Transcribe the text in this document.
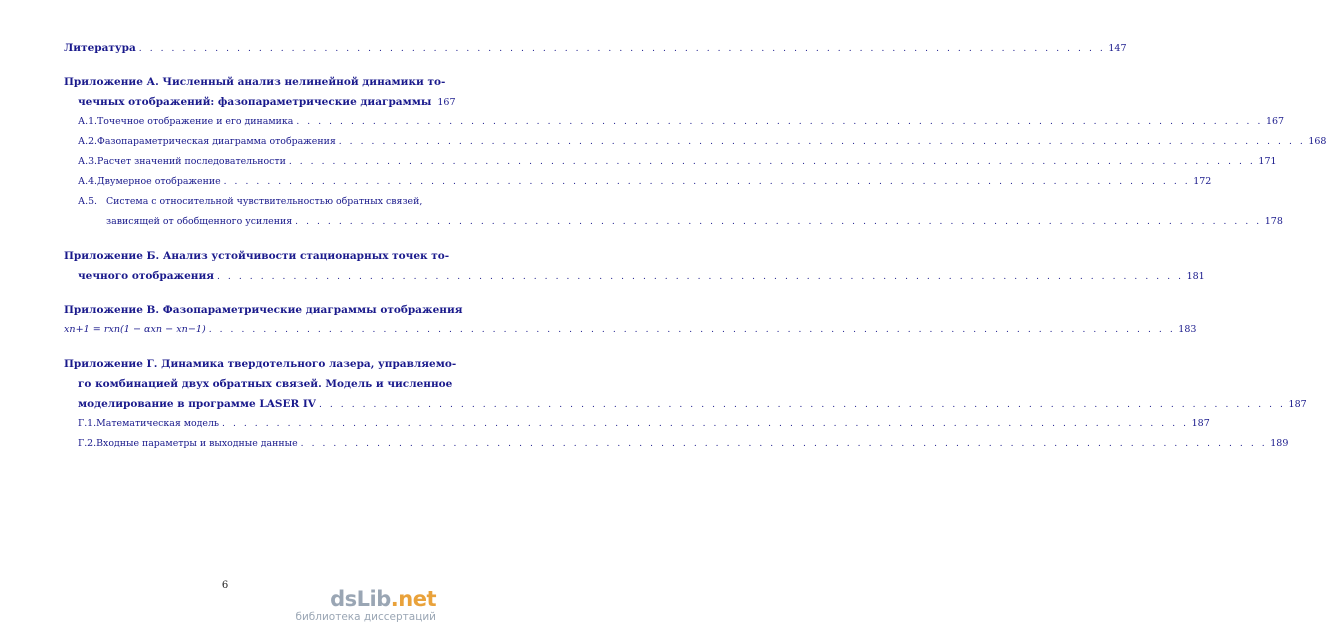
Литература . . .	147
Приложение А. Численный анализ нелинейной динамики то-
чечных отображений: фазопараметрические диаграммы 167
А.1. Точечное отображение и его динамика . . .	167
А.2. Фазопараметрическая диаграмма отображения . . .	168
А.3. Расчет значений последовательности . . .	171
А.4. Двумерное отображение . . .	172
А.5. Система с относительной чувствительностью обратных связей,
зависящей от обобщенного усиления . . .	178
Приложение Б. Анализ устойчивости стационарных точек то-
чечного отображения . . .	181
Приложение В. Фазопараметрические диаграммы отображения
xn+1 = rxn(1 − αxn − xn−1) . . .	183
Приложение Г. Динамика твердотельного лазера, управляемо-
го комбинацией двух обратных связей. Модель и численное
моделирование в программе LASER IV . . .	187
Г.1. Математическая модель . . .	187
Г.2. Входные параметры и выходные данные . . .	189
6
dsLib.net
библиотека диссертаций
